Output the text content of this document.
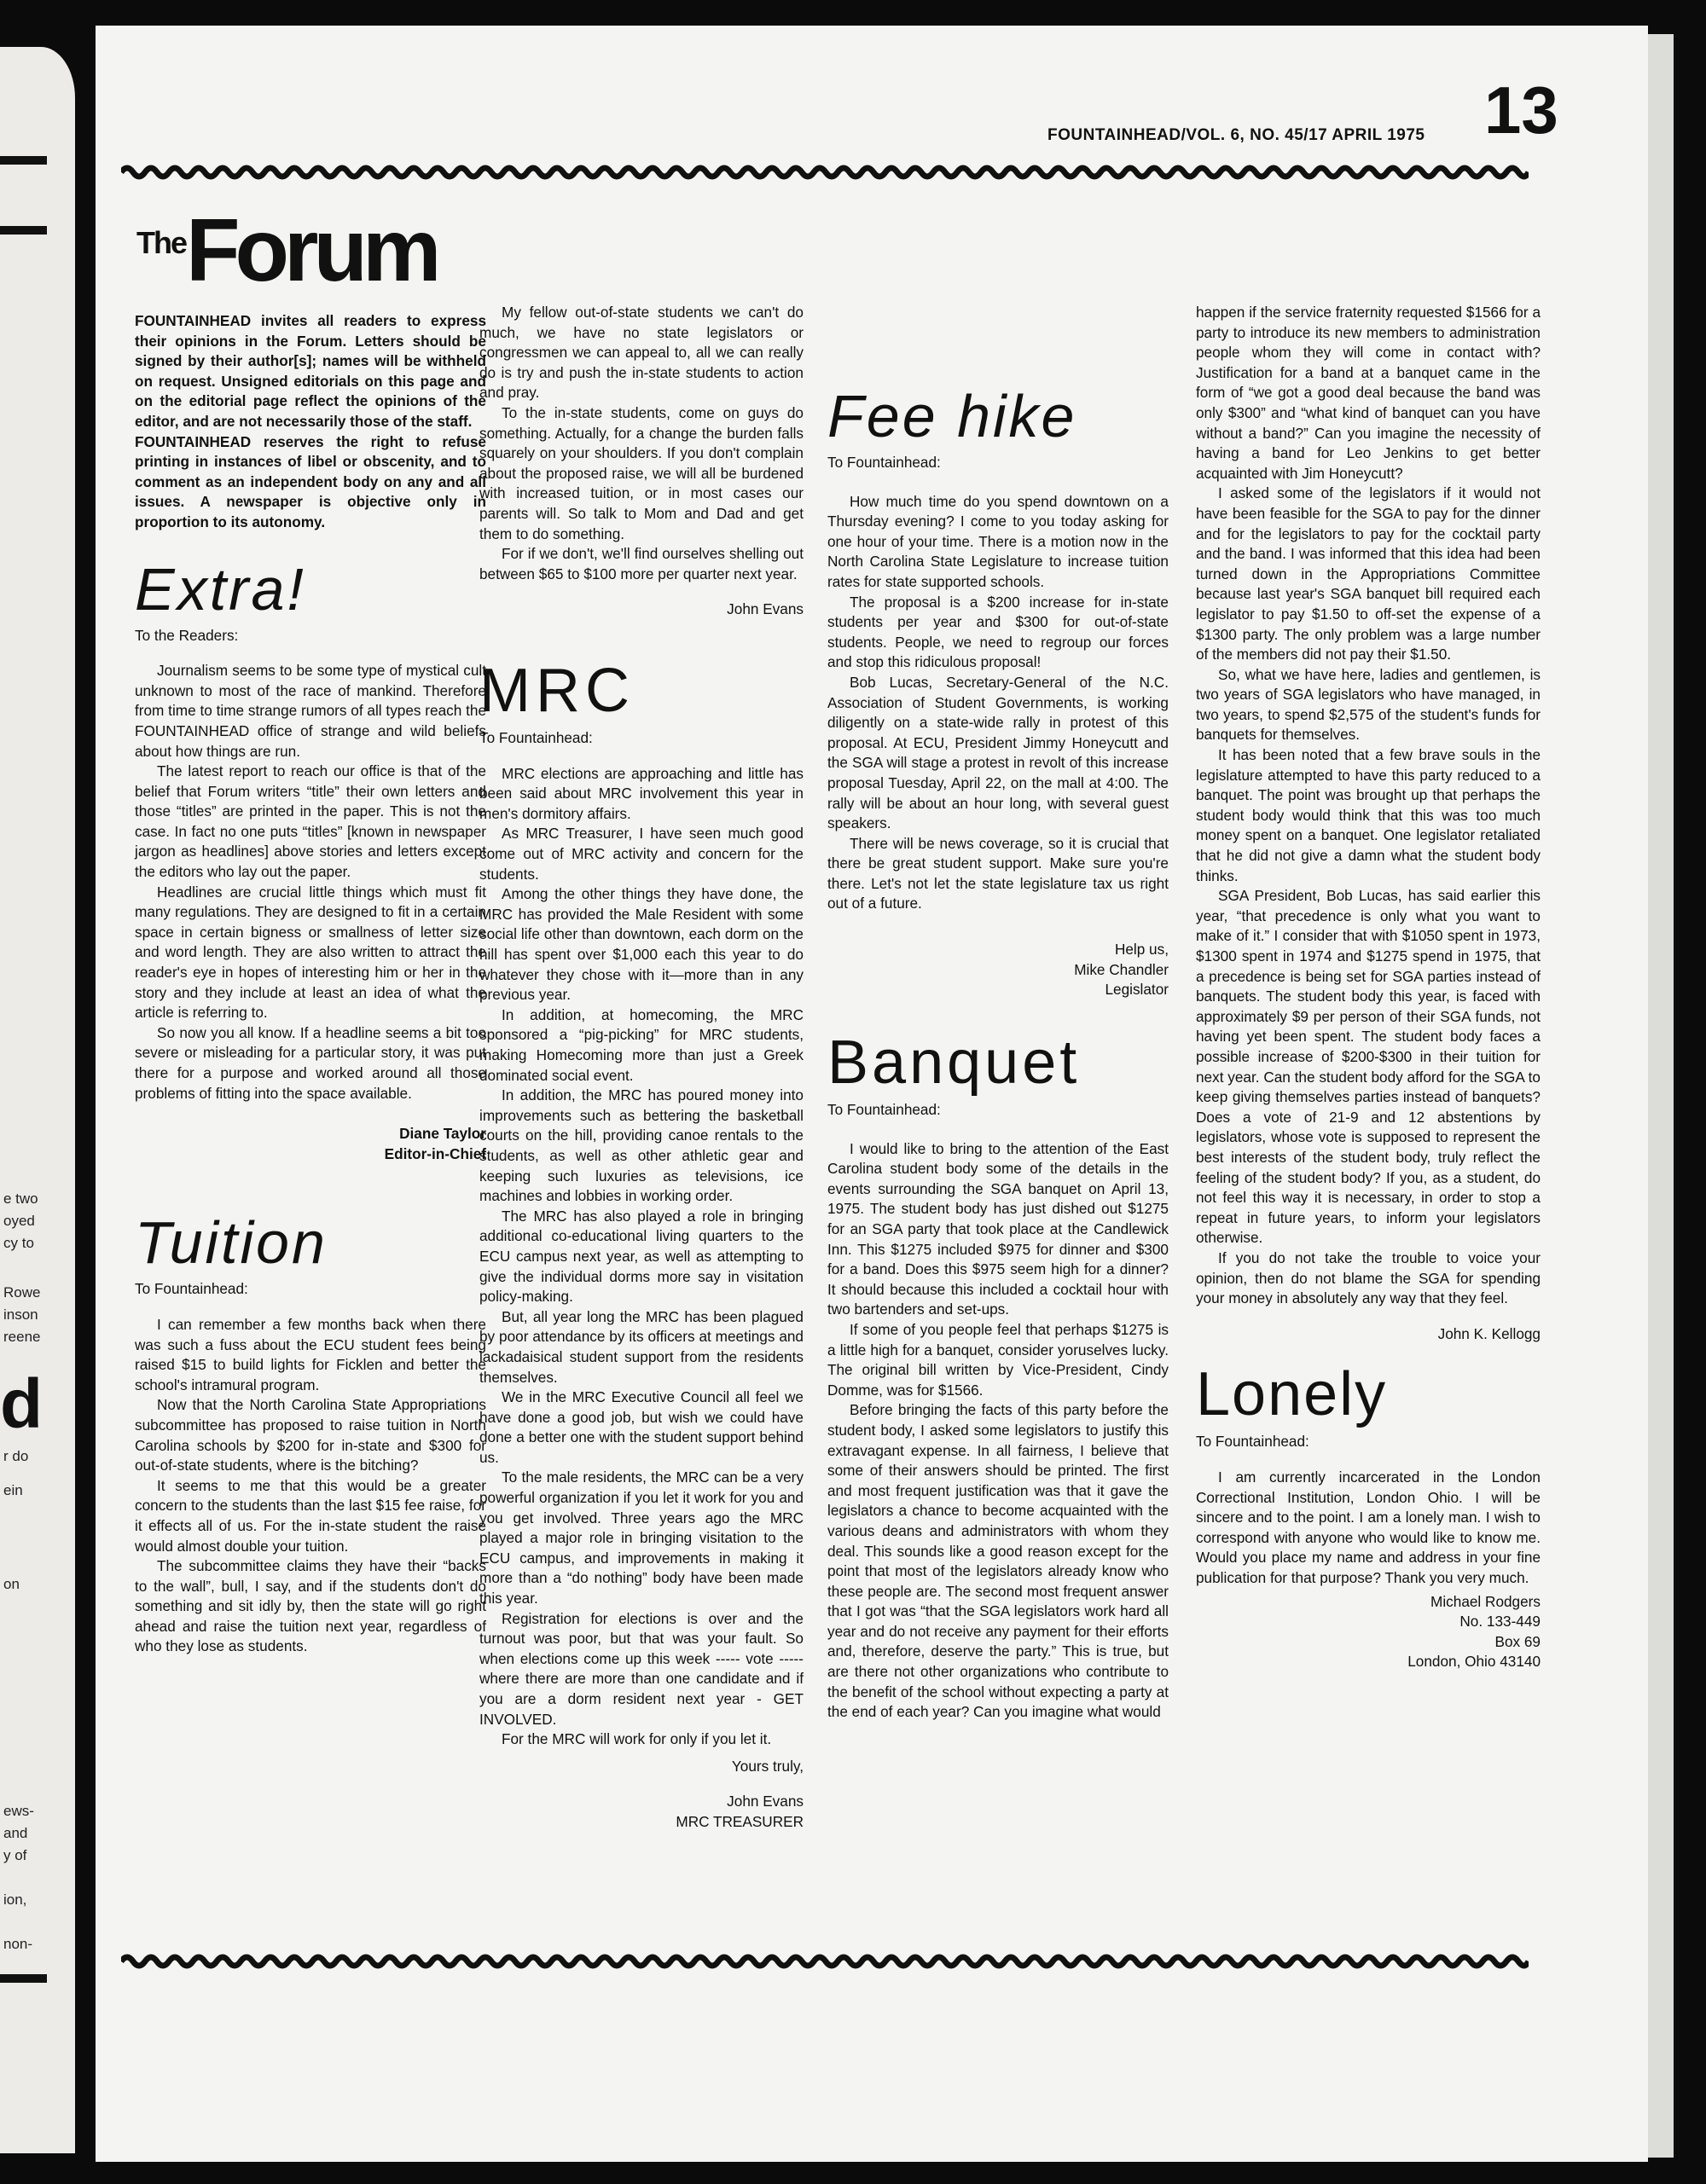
e two
oyed
cy to
Rowe
inson
reene
d
r do
ein
on
ews-
and
y of
ion,
non-
FOUNTAINHEAD/VOL. 6, NO. 45/17 APRIL 1975 13
The Forum

FOUNTAINHEAD invites all readers to express their opinions in the Forum. Letters should be signed by their author[s]; names will be withheld on request. Unsigned editorials on this page and on the editorial page reflect the opinions of the editor, and are not necessarily those of the staff.

FOUNTAINHEAD reserves the right to refuse printing in instances of libel or obscenity, and to comment as an independent body on any and all issues. A newspaper is objective only in proportion to its autonomy.

Extra!

To the Readers:

Journalism seems to be some type of mystical cult unknown to most of the race of mankind. Therefore from time to time strange rumors of all types reach the FOUNTAINHEAD office of strange and wild beliefs about how things are run.

The latest report to reach our office is that of the belief that Forum writers “title” their own letters and those “titles” are printed in the paper. This is not the case. In fact no one puts “titles” [known in newspaper jargon as headlines] above stories and letters except the editors who lay out the paper.

Headlines are crucial little things which must fit many regulations. They are designed to fit in a certain space in certain bigness or smallness of letter size and word length. They are also written to attract the reader's eye in hopes of interesting him or her in the story and they include at least an idea of what the article is referring to.

So now you all know. If a headline seems a bit too severe or misleading for a particular story, it was put there for a purpose and worked around all those problems of fitting into the space available.

Diane Taylor

Editor-in-Chief

Tuition

To Fountainhead:

I can remember a few months back when there was such a fuss about the ECU student fees being raised $15 to build lights for Ficklen and better the school's intramural program.

Now that the North Carolina State Appropriations subcommittee has proposed to raise tuition in North Carolina schools by $200 for in-state and $300 for out-of-state students, where is the bitching?

It seems to me that this would be a greater concern to the students than the last $15 fee raise, for it effects all of us. For the in-state student the raise would almost double your tuition.

The subcommittee claims they have their “backs to the wall”, bull, I say, and if the students don't do something and sit idly by, then the state will go right ahead and raise the tuition next year, regardless of who they lose as students.

My fellow out-of-state students we can't do much, we have no state legislators or congressmen we can appeal to, all we can really do is try and push the in-state students to action and pray.

To the in-state students, come on guys do something. Actually, for a change the burden falls squarely on your shoulders. If you don't complain about the proposed raise, we will all be burdened with increased tuition, or in most cases our parents will. So talk to Mom and Dad and get them to do something.

For if we don't, we'll find ourselves shelling out between $65 to $100 more per quarter next year.

John Evans

MRC

To Fountainhead:

MRC elections are approaching and little has been said about MRC involvement this year in men's dormitory affairs.

As MRC Treasurer, I have seen much good come out of MRC activity and concern for the students.

Among the other things they have done, the MRC has provided the Male Resident with some social life other than downtown, each dorm on the hill has spent over $1,000 each this year to do whatever they chose with it—more than in any previous year.

In addition, at homecoming, the MRC sponsored a “pig-picking” for MRC students, making Homecoming more than just a Greek dominated social event.

In addition, the MRC has poured money into improvements such as bettering the basketball courts on the hill, providing canoe rentals to the students, as well as other athletic gear and keeping such luxuries as televisions, ice machines and lobbies in working order.

The MRC has also played a role in bringing additional co-educational living quarters to the ECU campus next year, as well as attempting to give the individual dorms more say in visitation policy-making.

But, all year long the MRC has been plagued by poor attendance by its officers at meetings and lackadaisical student support from the residents themselves.

We in the MRC Executive Council all feel we have done a good job, but wish we could have done a better one with the student support behind us.

To the male residents, the MRC can be a very powerful organization if you let it work for you and you get involved. Three years ago the MRC played a major role in bringing visitation to the ECU campus, and improvements in making it more than a “do nothing” body have been made this year.

Registration for elections is over and the turnout was poor, but that was your fault. So when elections come up this week ----- vote ----- where there are more than one candidate and if you are a dorm resident next year - GET INVOLVED.

For the MRC will work for only if you let it.

Yours truly,

John Evans

MRC TREASURER

Fee hike

To Fountainhead:

How much time do you spend downtown on a Thursday evening? I come to you today asking for one hour of your time. There is a motion now in the North Carolina State Legislature to increase tuition rates for state supported schools.

The proposal is a $200 increase for in-state students per year and $300 for out-of-state students. People, we need to regroup our forces and stop this ridiculous proposal!

Bob Lucas, Secretary-General of the N.C. Association of Student Governments, is working diligently on a state-wide rally in protest of this proposal. At ECU, President Jimmy Honeycutt and the SGA will stage a protest in revolt of this increase proposal Tuesday, April 22, on the mall at 4:00. The rally will be about an hour long, with several guest speakers.

There will be news coverage, so it is crucial that there be great student support. Make sure you're there. Let's not let the state legislature tax us right out of a future.

Help us,

Mike Chandler

Legislator

Banquet

To Fountainhead:

I would like to bring to the attention of the East Carolina student body some of the details in the events surrounding the SGA banquet on April 13, 1975. The student body has just dished out $1275 for an SGA party that took place at the Candlewick Inn. This $1275 included $975 for dinner and $300 for a band. Does this $975 seem high for a dinner? It should because this included a cocktail hour with two bartenders and set-ups.

If some of you people feel that perhaps $1275 is a little high for a banquet, consider yoruselves lucky. The original bill written by Vice-President, Cindy Domme, was for $1566.

Before bringing the facts of this party before the student body, I asked some legislators to justify this extravagant expense. In all fairness, I believe that some of their answers should be printed. The first and most frequent justification was that it gave the legislators a chance to become acquainted with the various deans and administrators with whom they deal. This sounds like a good reason except for the point that most of the legislators already know who these people are. The second most frequent answer that I got was “that the SGA legislators work hard all year and do not receive any payment for their efforts and, therefore, deserve the party.” This is true, but are there not other organizations who contribute to the benefit of the school without expecting a party at the end of each year? Can you imagine what would

happen if the service fraternity requested $1566 for a party to introduce its new members to administration people whom they will come in contact with? Justification for a band at a banquet came in the form of “we got a good deal because the band was only $300” and “what kind of banquet can you have without a band?” Can you imagine the necessity of having a band for Leo Jenkins to get better acquainted with Jim Honeycutt?

I asked some of the legislators if it would not have been feasible for the SGA to pay for the dinner and for the legislators to pay for the cocktail party and the band. I was informed that this idea had been turned down in the Appropriations Committee because last year's SGA banquet bill required each legislator to pay $1.50 to off-set the expense of a $1300 party. The only problem was a large number of the members did not pay their $1.50.

So, what we have here, ladies and gentlemen, is two years of SGA legislators who have managed, in two years, to spend $2,575 of the student's funds for banquets for themselves.

It has been noted that a few brave souls in the legislature attempted to have this party reduced to a banquet. The point was brought up that perhaps the student body would think that this was too much money spent on a banquet. One legislator retaliated that he did not give a damn what the student body thinks.

SGA President, Bob Lucas, has said earlier this year, “that precedence is only what you want to make of it.” I consider that with $1050 spent in 1973, $1300 spent in 1974 and $1275 spend in 1975, that a precedence is being set for SGA parties instead of banquets. The student body this year, is faced with approximately $9 per person of their SGA funds, not having yet been spent. The student body faces a possible increase of $200-$300 in their tuition for next year. Can the student body afford for the SGA to keep giving themselves parties instead of banquets? Does a vote of 21-9 and 12 abstentions by legislators, whose vote is supposed to represent the best interests of the student body, truly reflect the feeling of the student body? If you, as a student, do not feel this way it is necessary, in order to stop a repeat in future years, to inform your legislators otherwise.

If you do not take the trouble to voice your opinion, then do not blame the SGA for spending your money in absolutely any way that they feel.

John K. Kellogg

Lonely

To Fountainhead:

I am currently incarcerated in the London Correctional Institution, London Ohio. I will be sincere and to the point. I am a lonely man. I wish to correspond with anyone who would like to know me. Would you place my name and address in your fine publication for that purpose? Thank you very much.

Michael Rodgers

No. 133-449

Box 69

London, Ohio 43140
